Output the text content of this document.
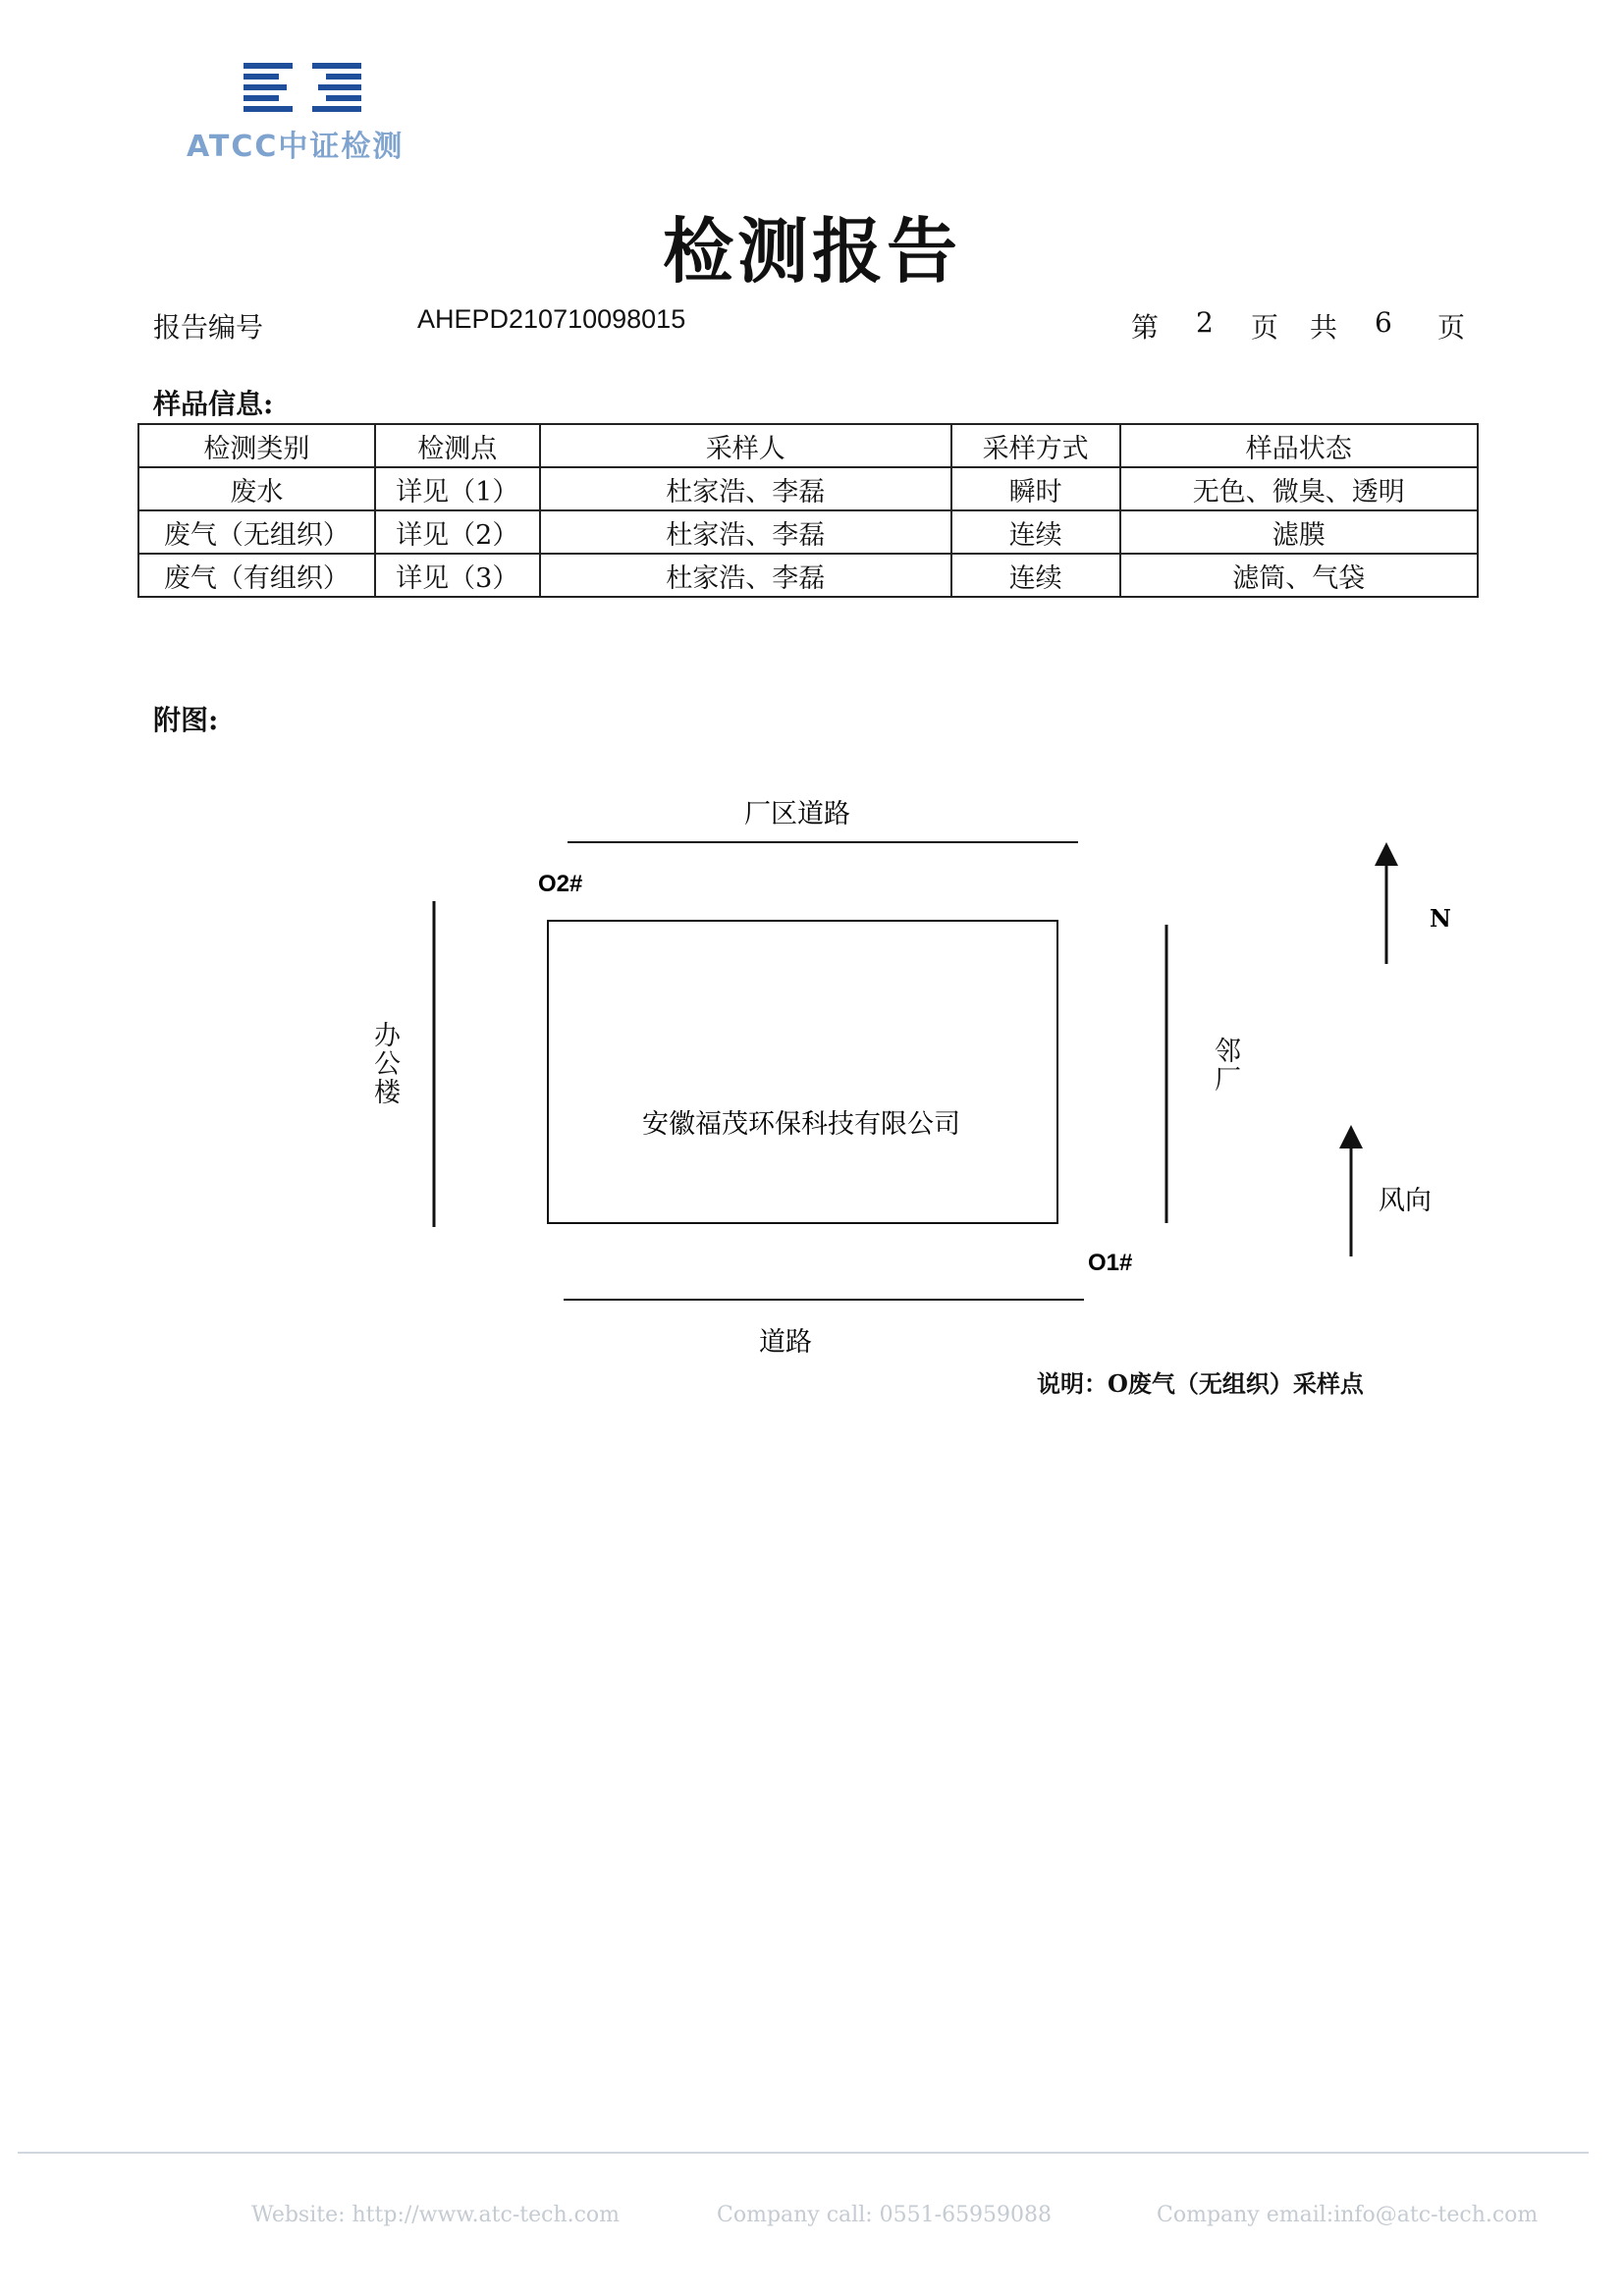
ATCC中证检测
检测报告
报告编号	AHEPD210710098015	第	2	页	共	6	页
样品信息:
检测类别	检测点	采样人	采样方式	样品状态
废水	详见（1）	杜家浩、李磊	瞬时	无色、微臭、透明
废气（无组织）	详见（2）	杜家浩、李磊	连续	滤膜
废气（有组织）	详见（3）	杜家浩、李磊	连续	滤筒、气袋
附图:
厂区道路
道路
安徽福茂环保科技有限公司
O2#
O1#
N
风向
办公楼	邻厂
说明：O废气（无组织）采样点
Website: http://www.atc-tech.com	Company call: 0551-65959088	Company email:info@atc-tech.com
